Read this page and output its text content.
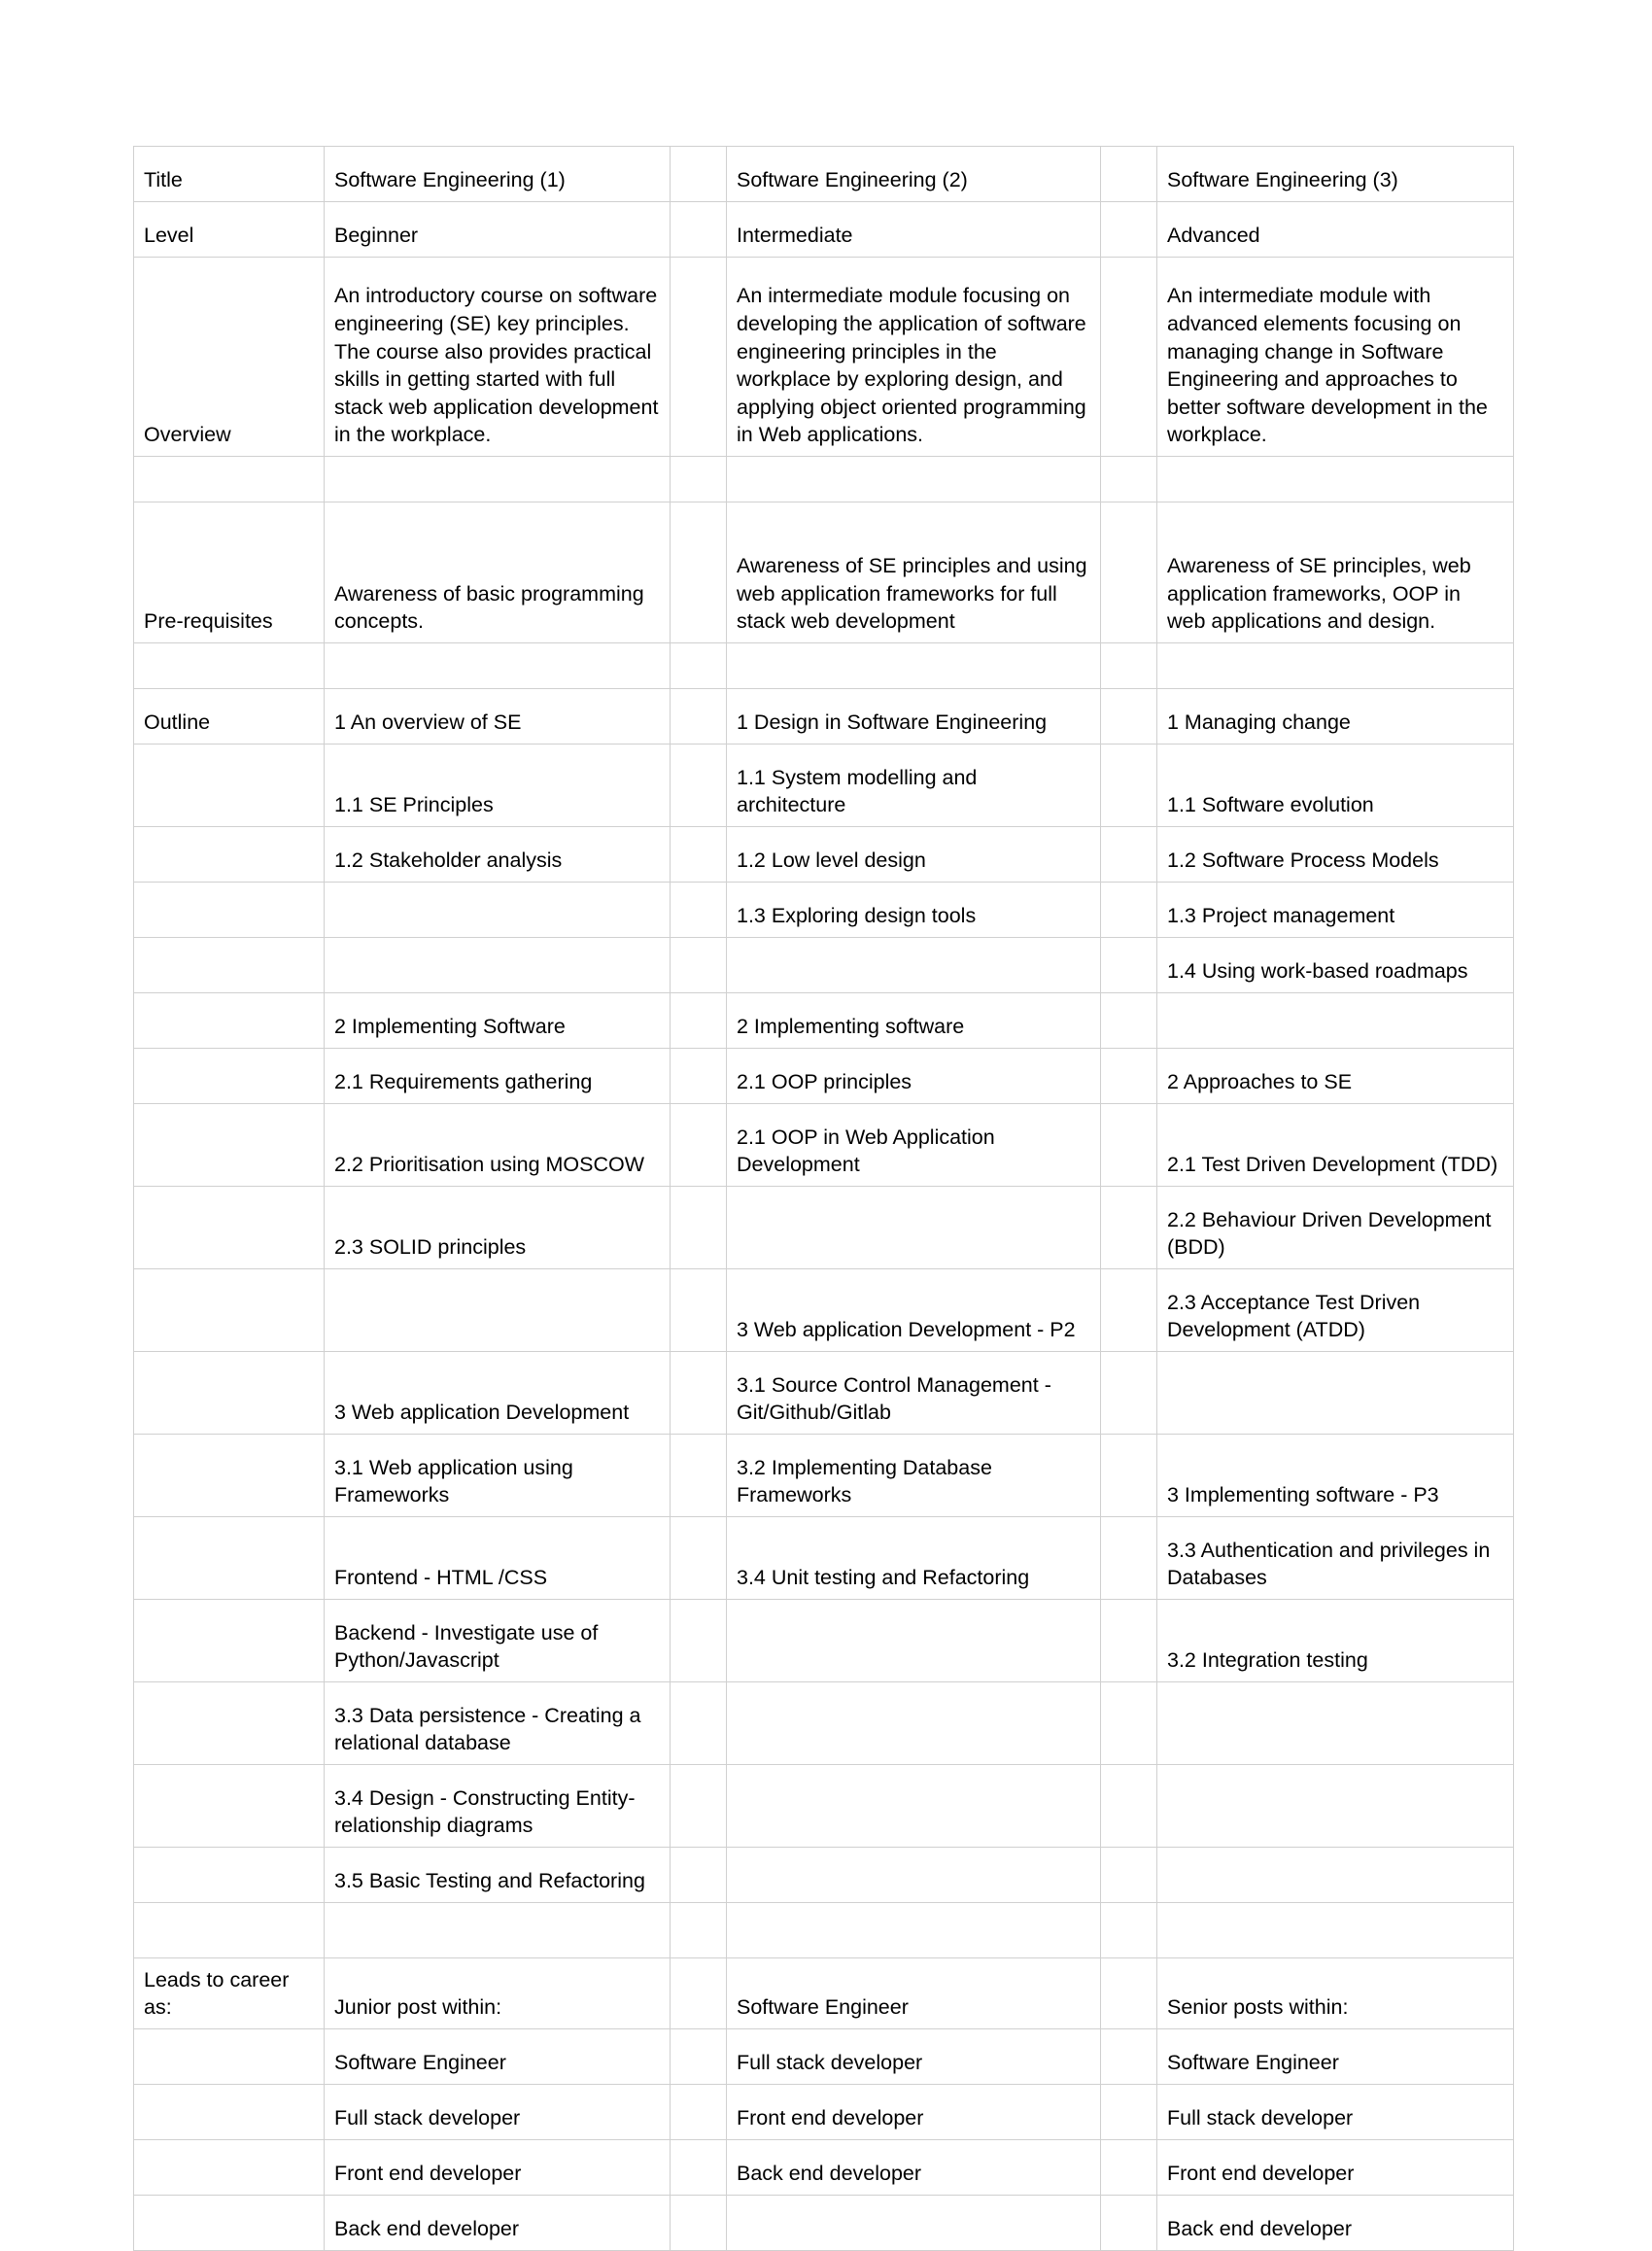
Title	Software Engineering (1)		Software Engineering (2)		Software Engineering (3)
Level	Beginner		Intermediate		Advanced
Overview	An introductory course on software engineering (SE) key principles. The course also provides practical skills in getting started with full stack web application development in the workplace.		An intermediate module focusing on developing the application of software engineering principles in the workplace by exploring design, and applying object oriented programming in Web applications.		An intermediate module with advanced elements focusing on managing change in Software Engineering and approaches to better software development in the workplace.

Pre-requisites	Awareness of basic programming concepts.		Awareness of SE principles and using web application frameworks for full stack web development		Awareness of SE principles, web application frameworks, OOP in web applications and design.

Outline	1 An overview of SE		1 Design in Software Engineering		1 Managing change
	1.1 SE Principles		1.1 System modelling and architecture		1.1 Software evolution
	1.2 Stakeholder analysis		1.2 Low level design		1.2 Software Process Models
			1.3 Exploring design tools		1.3 Project management
					1.4 Using work-based roadmaps
	2 Implementing Software		2 Implementing software		
	2.1 Requirements gathering		2.1 OOP principles		2 Approaches to SE
	2.2 Prioritisation using MOSCOW		2.1 OOP in Web Application Development		2.1 Test Driven Development (TDD)
	2.3 SOLID principles				2.2 Behaviour Driven Development (BDD)
			3 Web application Development - P2		2.3 Acceptance Test Driven Development (ATDD)
	3 Web application Development		3.1 Source Control Management - Git/Github/Gitlab		
	3.1 Web application using Frameworks		3.2 Implementing Database Frameworks		3 Implementing software - P3
	Frontend - HTML /CSS		3.4 Unit testing and Refactoring		3.3 Authentication and privileges in Databases
	Backend - Investigate use of Python/Javascript				3.2 Integration testing
	3.3 Data persistence - Creating a relational database				
	3.4 Design - Constructing Entity-relationship diagrams				
	3.5 Basic Testing and Refactoring				

Leads to career as:	Junior post within:		Software Engineer		Senior posts within:
	Software Engineer		Full stack developer		Software Engineer
	Full stack developer		Front end developer		Full stack developer
	Front end developer		Back end developer		Front end developer
	Back end developer				Back end developer
